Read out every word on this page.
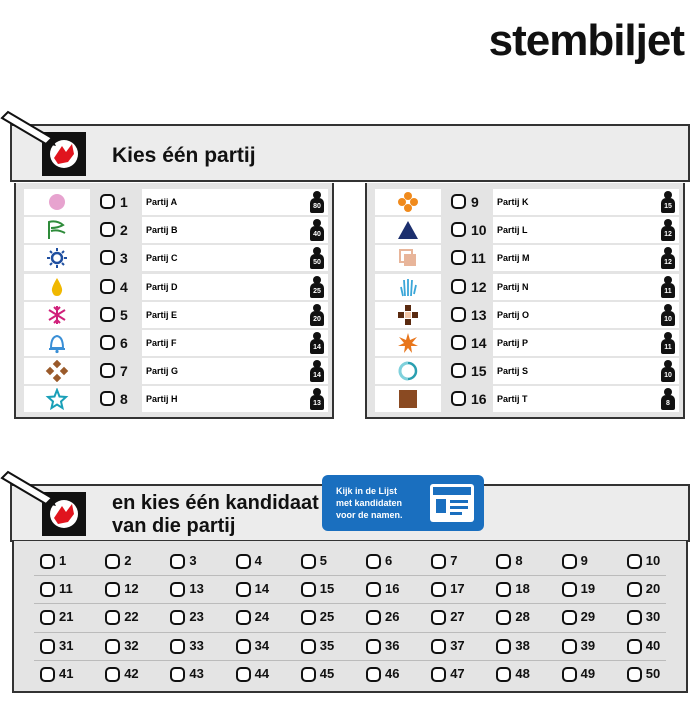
stembiljet
Kies één partij
1	Partij A	80
2	Partij B	40
3	Partij C	50
4	Partij D	25
5	Partij E	20
6	Partij F	14
7	Partij G	14
8	Partij H	13
9	Partij K	15
10	Partij L	12
11	Partij M	12
12	Partij N	11
13	Partij O	10
14	Partij P	11
15	Partij S	10
16	Partij T	8
en kies één kandidaat
van die partij
Kijk in de Lijst
met kandidaten
voor de namen.
1	2	3	4	5	6	7	8	9	10
11	12	13	14	15	16	17	18	19	20
21	22	23	24	25	26	27	28	29	30
31	32	33	34	35	36	37	38	39	40
41	42	43	44	45	46	47	48	49	50
